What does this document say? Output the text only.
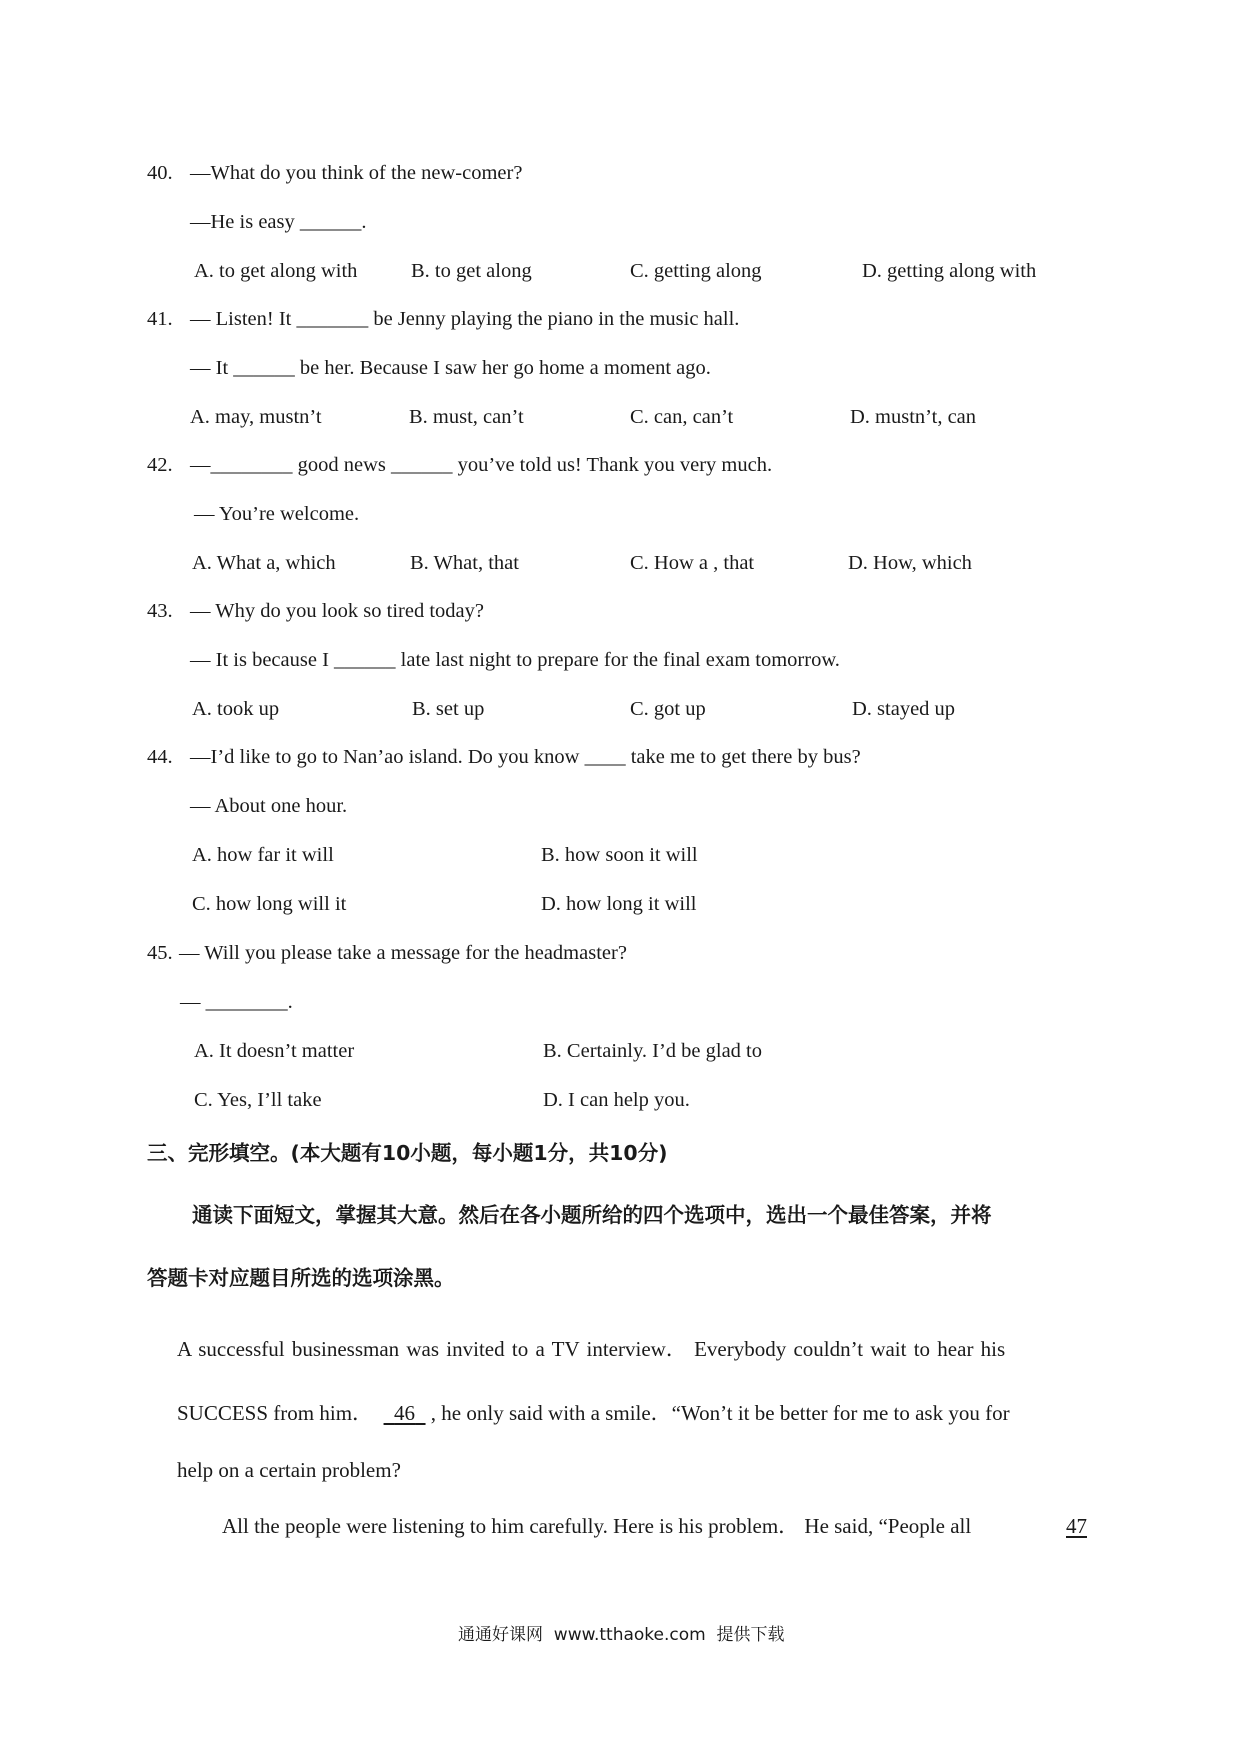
40. —What do you think of the new-comer?
—He is easy ______.
A. to get along with	B. to get along	C. getting along	D. getting along with
41. — Listen! It _______ be Jenny playing the piano in the music hall.
— It ______ be her. Because I saw her go home a moment ago.
A. may, mustn’t	B. must, can’t	C. can, can’t	D. mustn’t, can
42. —________ good news ______ you’ve told us! Thank you very much.
— You’re welcome.
A. What a, which	B. What, that	C. How a , that	D. How, which
43. — Why do you look so tired today?
— It is because I ______ late last night to prepare for the final exam tomorrow.
A. took up	B. set up	C. got up	D. stayed up
44. —I’d like to go to Nan’ao island. Do you know ____ take me to get there by bus?
— About one hour.
A. how far it will	B. how soon it will
C. how long will it	D. how long it will
45. — Will you please take a message for the headmaster?
— ________.
A. It doesn’t matter	B. Certainly. I’d be glad to
C. Yes, I’ll take	D. I can help you.
三、完形填空。(本大题有10小题，每小题1分，共10分)
通读下面短文，掌握其大意。然后在各小题所给的四个选项中，选出一个最佳答案，并将
答题卡对应题目所选的选项涂黑。
A successful businessman was invited to a TV interview． Everybody couldn’t wait to hear his
SUCCESS from him．    46   , he only said with a smile．“Won’t it be better for me to ask you for
help on a certain problem?
All the people were listening to him carefully. Here is his problem． He said, “People all	47
通通好课网  www.tthaoke.com  提供下载
